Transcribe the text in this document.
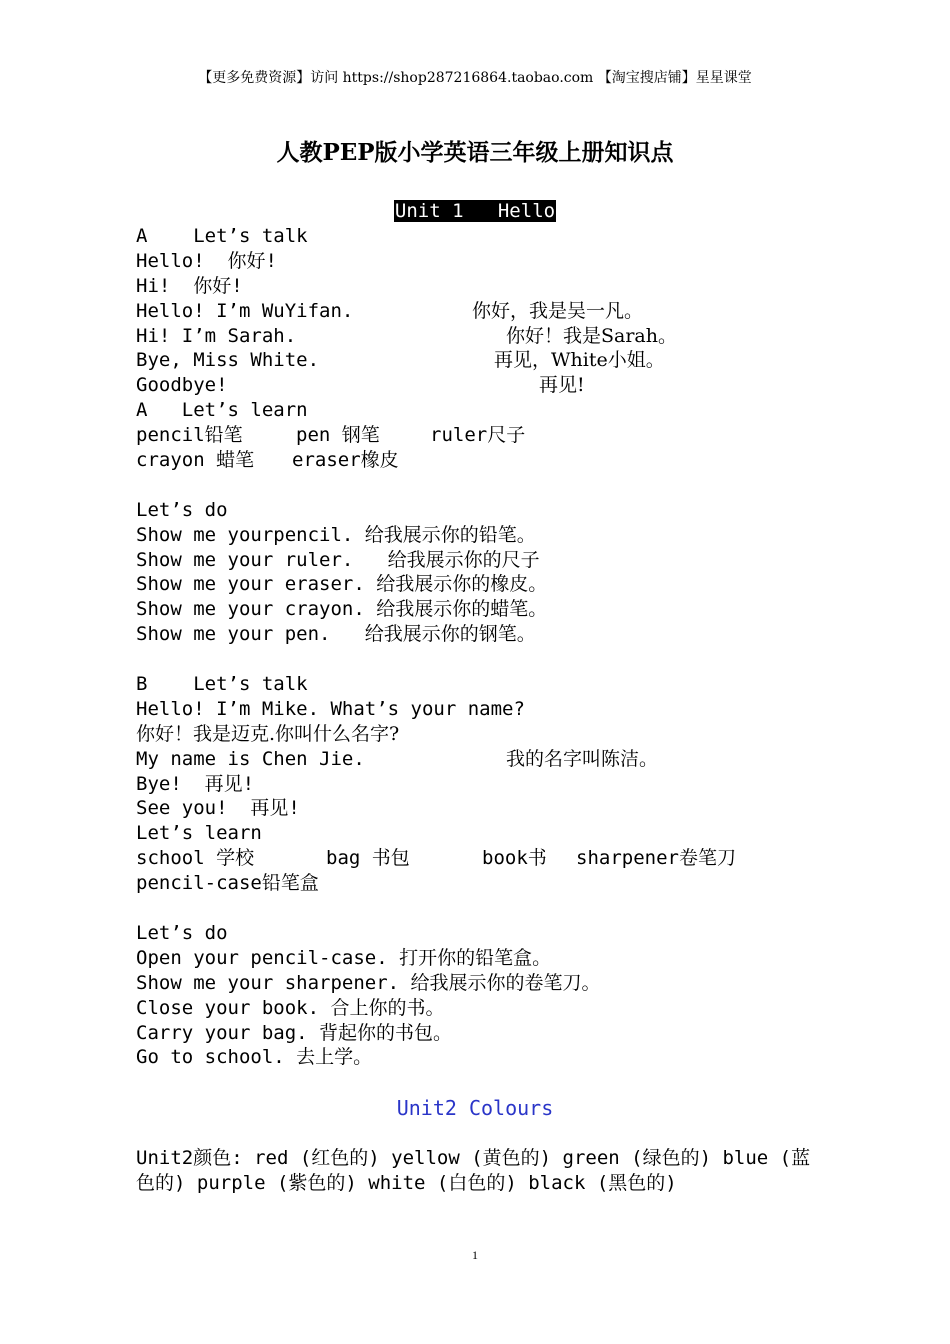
【更多免费资源】访问 https://shop287216864.taobao.com 【淘宝搜店铺】星星课堂
人教PEP版小学英语三年级上册知识点
Unit 1   Hello
A    Let’s talk
Hello!  你好!
Hi!  你好!

Hello! I’m WuYifan.

	你好，我是吴一凡。

Hi! I’m Sarah.

	你好！我是Sarah。

Bye, Miss White.

	再见，White小姐。

Goodbye!

	再见!

A   Let’s learn
pencil铅笔	pen 钢笔	ruler尺子
crayon 蜡笔 eraser橡皮
Let’s do
Show me yourpencil. 给我展示你的铅笔。
Show me your ruler.   给我展示你的尺子
Show me your eraser. 给我展示你的橡皮。
Show me your crayon. 给我展示你的蜡笔。
Show me your pen.   给我展示你的钢笔。
B    Let’s talk
Hello! I’m Mike. What’s your name?
你好！我是迈克.你叫什么名字?

My name is Chen Jie.

	我的名字叫陈洁。

Bye!  再见!
See you!  再见!
Let’s learn
school 学校	bag 书包	book书 sharpener卷笔刀
pencil-case铅笔盒
Let’s do
Open your pencil-case. 打开你的铅笔盒。
Show me your sharpener. 给我展示你的卷笔刀。
Close your book. 合上你的书。
Carry your bag. 背起你的书包。
Go to school. 去上学。
Unit2 Colours
Unit2颜色: red (红色的) yellow (黄色的) green (绿色的) blue (蓝色的) purple (紫色的) white (白色的) black (黑色的)
1
